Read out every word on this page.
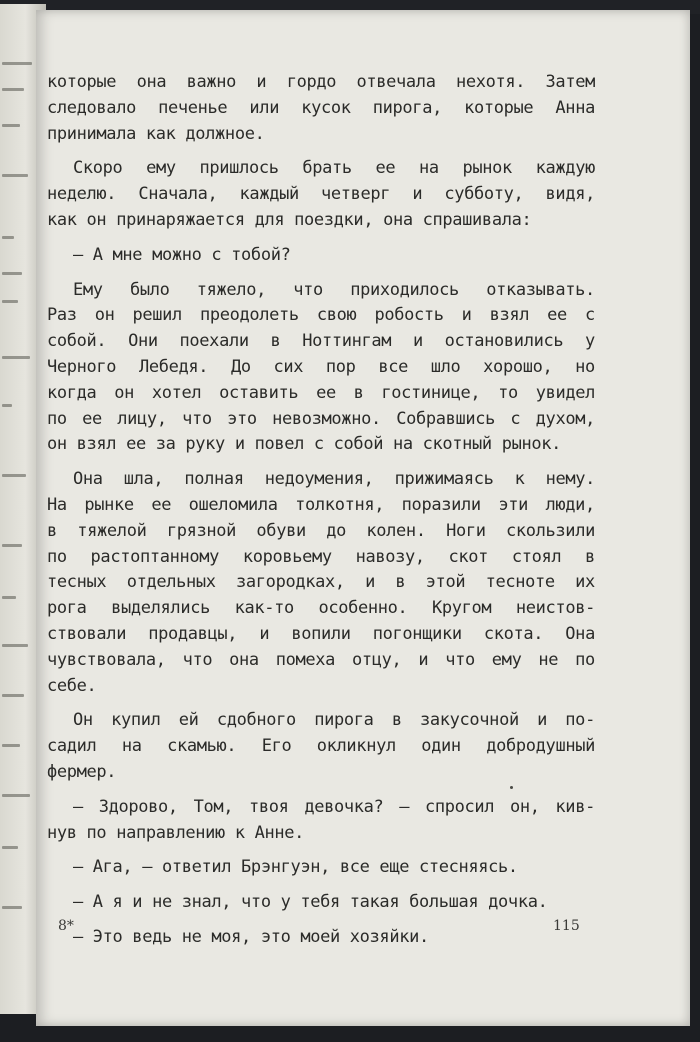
которые она важно и гордо отвечала нехотя. Затем
следовало печенье или кусок пирога, которые Анна
принимала как должное.
Скоро ему пришлось брать ее на рынок каждую
неделю. Сначала, каждый четверг и субботу, видя,
как он принаряжается для поездки, она спрашивала:
— А мне можно с тобой?
Ему было тяжело, что приходилось отказывать.
Раз он решил преодолеть свою робость и взял ее с
собой. Они поехали в Ноттингам и остановились у
Черного Лебедя. До сих пор все шло хорошо, но
когда он хотел оставить ее в гостинице, то увидел
по ее лицу, что это невозможно. Собравшись с духом,
он взял ее за руку и повел с собой на скотный рынок.
Она шла, полная недоумения, прижимаясь к нему.
На рынке ее ошеломила толкотня, поразили эти люди,
в тяжелой грязной обуви до колен. Ноги скользили
по растоптанному коровьему навозу, скот стоял в
тесных отдельных загородках, и в этой тесноте их
рога выделялись как-то особенно. Кругом неистов-
ствовали продавцы, и вопили погонщики скота. Она
чувствовала, что она помеха отцу, и что ему не по
себе.
Он купил ей сдобного пирога в закусочной и по-
садил на скамью. Его окликнул один добродушный
фермер.
— Здорово, Том, твоя девочка? — спросил он, кив-
нув по направлению к Анне.
— Ага, — ответил Брэнгуэн, все еще стесняясь.
— А я и не знал, что у тебя такая большая дочка.
— Это ведь не моя, это моей хозяйки.
8*	115
